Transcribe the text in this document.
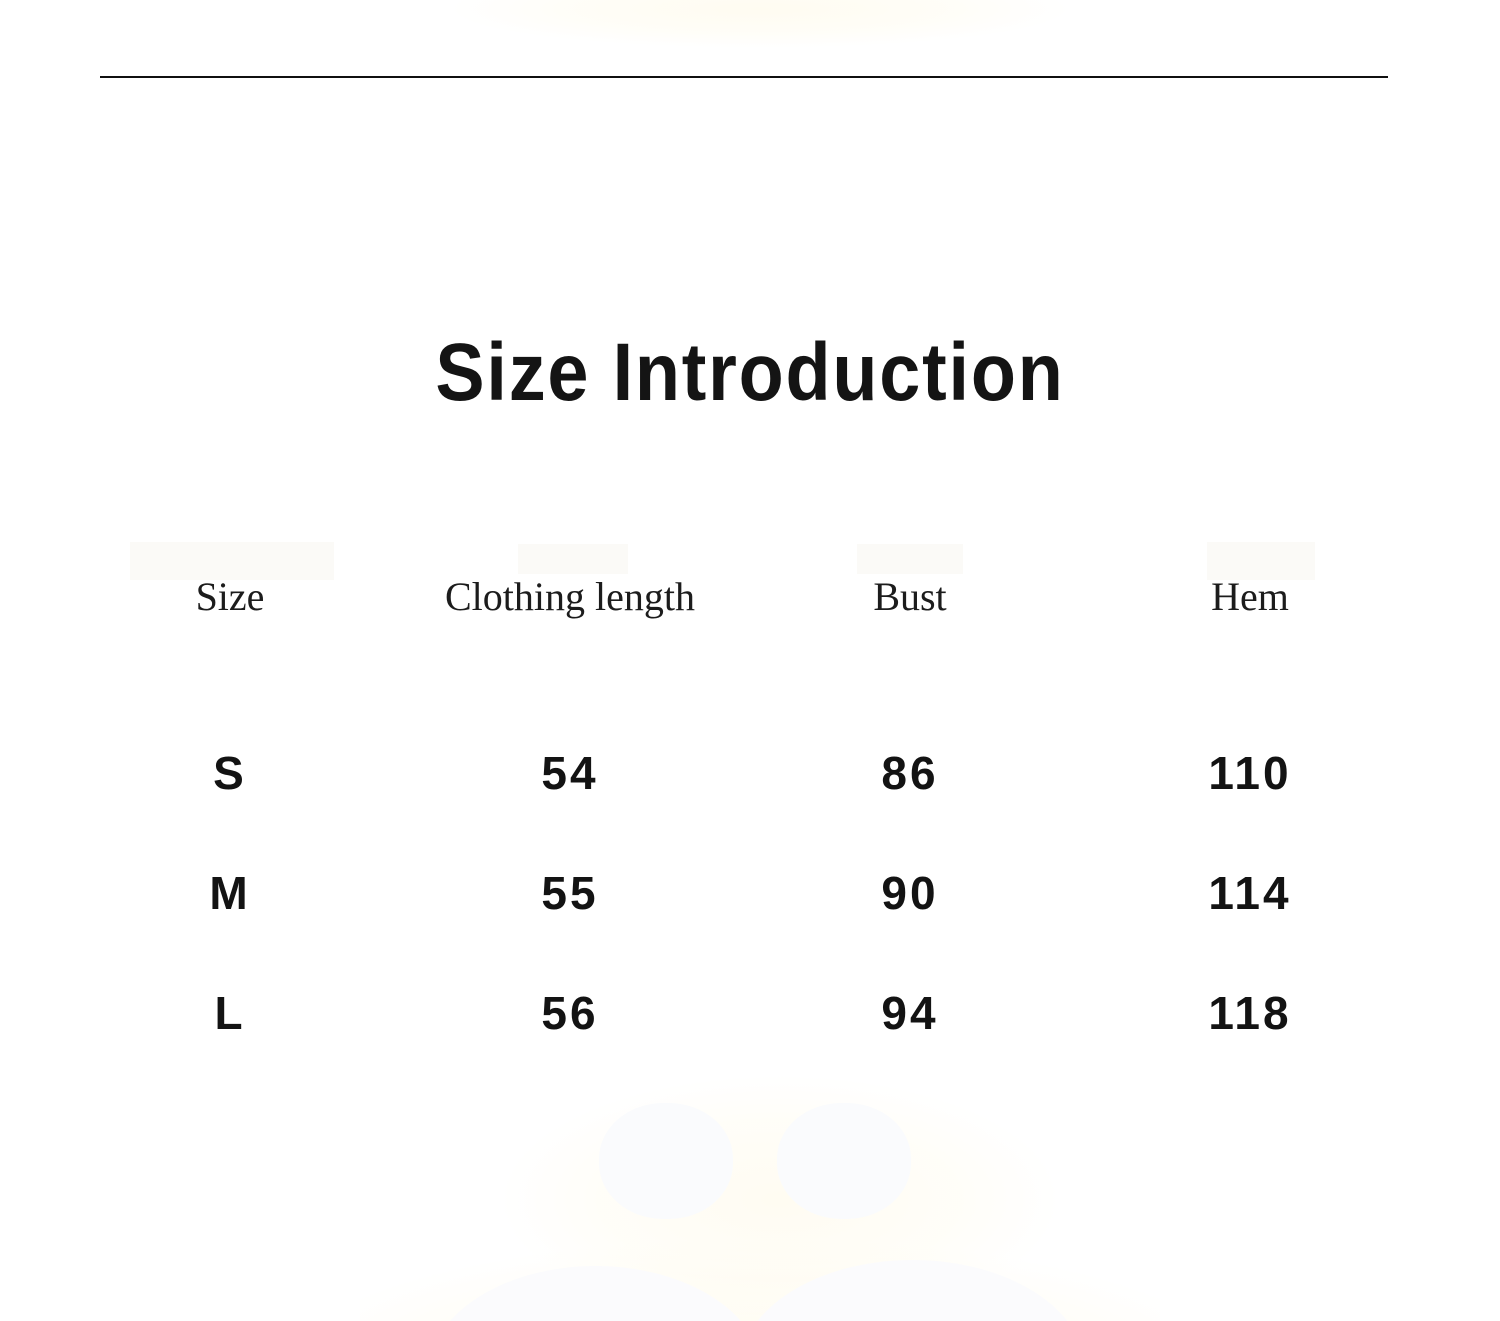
Size Introduction
Size	Clothing length	Bust	Hem
S	54	86	110
M	55	90	114
L	56	94	118
